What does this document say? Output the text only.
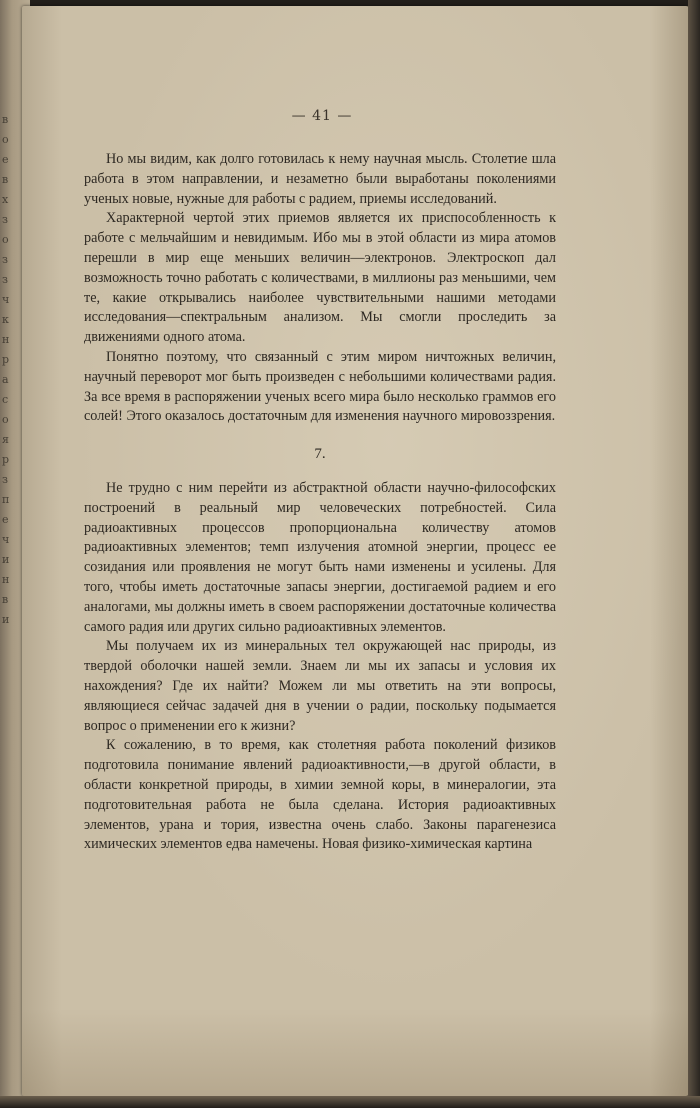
в
о
е
в
х
з
о
з
з
ч
к
н
р
а
с
о
я
р
з
п
е
ч
и
н
в
и
— 41 —

Но мы видим, как долго готовилась к нему научная мысль. Столетие шла работа в этом направлении, и незаметно были выработаны поколениями ученых новые, нужные для работы с радием, приемы исследований.

Характерной чертой этих приемов является их приспособленность к работе с мельчайшим и невидимым. Ибо мы в этой области из мира атомов перешли в мир еще меньших величин—электронов. Электроскоп дал возможность точно работать с количествами, в миллионы раз меньшими, чем те, какие открывались наиболее чувствительными нашими методами исследования—спектральным анализом. Мы смогли проследить за движениями одного атома.

Понятно поэтому, что связанный с этим миром ничтожных величин, научный переворот мог быть произведен с небольшими количествами радия. За все время в распоряжении ученых всего мира было несколько граммов его солей! Этого оказалось достаточным для изменения научного мировоззрения.

7.

Не трудно с ним перейти из абстрактной области научно-философских построений в реальный мир человеческих потребностей. Сила радиоактивных процессов пропорциональна количеству атомов радиоактивных элементов; темп излучения атомной энергии, процесс ее созидания или проявления не могут быть нами изменены и усилены. Для того, чтобы иметь достаточные запасы энергии, достигаемой радием и его аналогами, мы должны иметь в своем распоряжении достаточные количества самого радия или других сильно радиоактивных элементов.

Мы получаем их из минеральных тел окружающей нас природы, из твердой оболочки нашей земли. Знаем ли мы их запасы и условия их нахождения? Где их найти? Можем ли мы ответить на эти вопросы, являющиеся сейчас задачей дня в учении о радии, поскольку подымается вопрос о применении его к жизни?

К сожалению, в то время, как столетняя работа поколений физиков подготовила понимание явлений радиоактивности,—в другой области, в области конкретной природы, в химии земной коры, в минералогии, эта подготовительная работа не была сделана. История радиоактивных элементов, урана и тория, известна очень слабо. Законы парагенезиса химических элементов едва намечены. Новая физико-химическая картина
